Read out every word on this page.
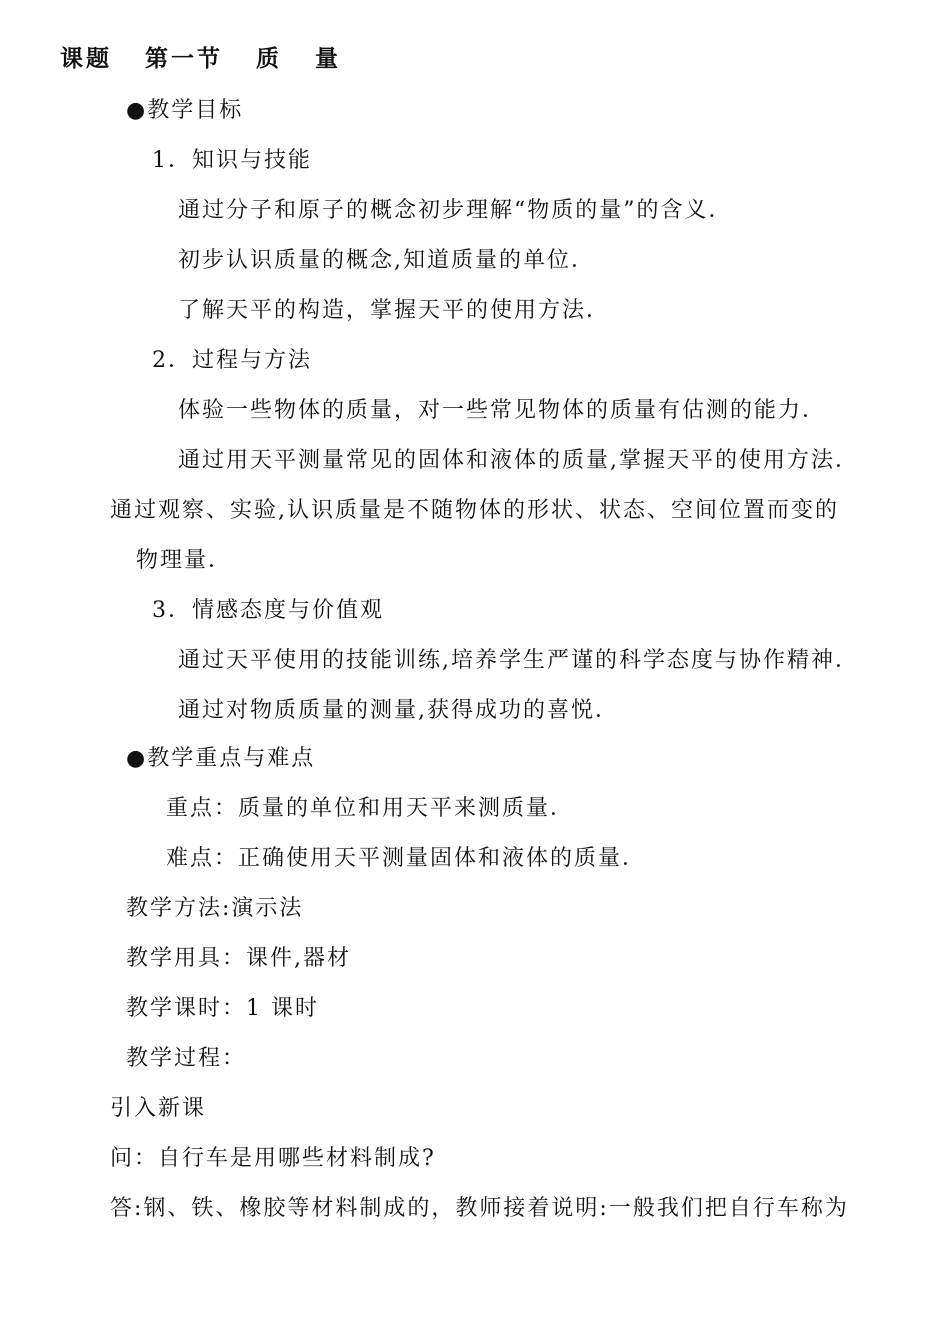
课题 第一节 质 量
●教学目标
1．知识与技能
通过分子和原子的概念初步理解“物质的量”的含义．
初步认识质量的概念,知道质量的单位．
了解天平的构造，掌握天平的使用方法．
2．过程与方法
体验一些物体的质量，对一些常见物体的质量有估测的能力．
通过用天平测量常见的固体和液体的质量,掌握天平的使用方法．
通过观察、实验,认识质量是不随物体的形状、状态、空间位置而变的
物理量．
3．情感态度与价值观
通过天平使用的技能训练,培养学生严谨的科学态度与协作精神．
通过对物质质量的测量,获得成功的喜悦．
●教学重点与难点
重点：质量的单位和用天平来测质量．
难点：正确使用天平测量固体和液体的质量．
教学方法:演示法
教学用具：课件,器材
教学课时：1 课时
教学过程：
引入新课
问：自行车是用哪些材料制成?
答:钢、铁、橡胶等材料制成的，教师接着说明:一般我们把自行车称为
